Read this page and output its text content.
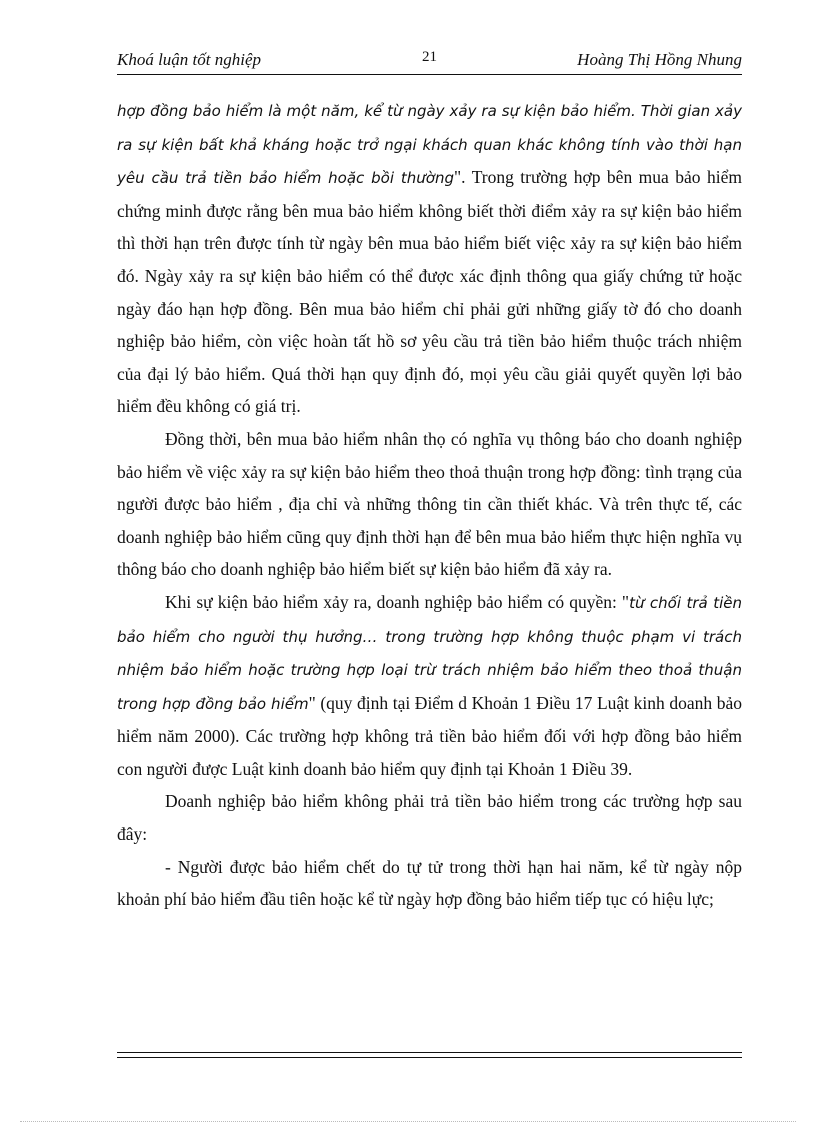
Khoá luận tốt nghiệp	21	Hoàng Thị Hồng Nhung

hợp đồng bảo hiểm là một năm, kể từ ngày xảy ra sự kiện bảo hiểm. Thời gian xảy ra sự kiện bất khả kháng hoặc trở ngại khách quan khác không tính vào thời hạn yêu cầu trả tiền bảo hiểm hoặc bồi thường". Trong trường hợp bên mua bảo hiểm chứng minh được rằng bên mua bảo hiểm không biết thời điểm xảy ra sự kiện bảo hiểm thì thời hạn trên được tính từ ngày bên mua bảo hiểm biết việc xảy ra sự kiện bảo hiểm đó. Ngày xảy ra sự kiện bảo hiểm có thể được xác định thông qua giấy chứng tử hoặc ngày đáo hạn hợp đồng. Bên mua bảo hiểm chỉ phải gửi những giấy tờ đó cho doanh nghiệp bảo hiểm, còn việc hoàn tất hồ sơ yêu cầu trả tiền bảo hiểm thuộc trách nhiệm của đại lý bảo hiểm. Quá thời hạn quy định đó, mọi yêu cầu giải quyết quyền lợi bảo hiểm đều không có giá trị.

Đồng thời, bên mua bảo hiểm nhân thọ có nghĩa vụ thông báo cho doanh nghiệp bảo hiểm về việc xảy ra sự kiện bảo hiểm theo thoả thuận trong hợp đồng: tình trạng của người được bảo hiểm , địa chỉ và những thông tin cần thiết khác. Và trên thực tế, các doanh nghiệp bảo hiểm cũng quy định thời hạn để bên mua bảo hiểm thực hiện nghĩa vụ thông báo cho doanh nghiệp bảo hiểm biết sự kiện bảo hiểm đã xảy ra.

Khi sự kiện bảo hiểm xảy ra, doanh nghiệp bảo hiểm có quyền: "từ chối trả tiền bảo hiểm cho người thụ hưởng… trong trường hợp không thuộc phạm vi trách nhiệm bảo hiểm hoặc trường hợp loại trừ trách nhiệm bảo hiểm theo thoả thuận trong hợp đồng bảo hiểm" (quy định tại Điểm d Khoản 1 Điều 17 Luật kinh doanh bảo hiểm năm 2000). Các trường hợp không trả tiền bảo hiểm đối với hợp đồng bảo hiểm con người được Luật kinh doanh bảo hiểm quy định tại Khoản 1 Điều 39.

Doanh nghiệp bảo hiểm không phải trả tiền bảo hiểm trong các trường hợp sau đây:

- Người được bảo hiểm chết do tự tử trong thời hạn hai năm, kể từ ngày nộp khoản phí bảo hiểm đầu tiên hoặc kể từ ngày hợp đồng bảo hiểm tiếp tục có hiệu lực;
